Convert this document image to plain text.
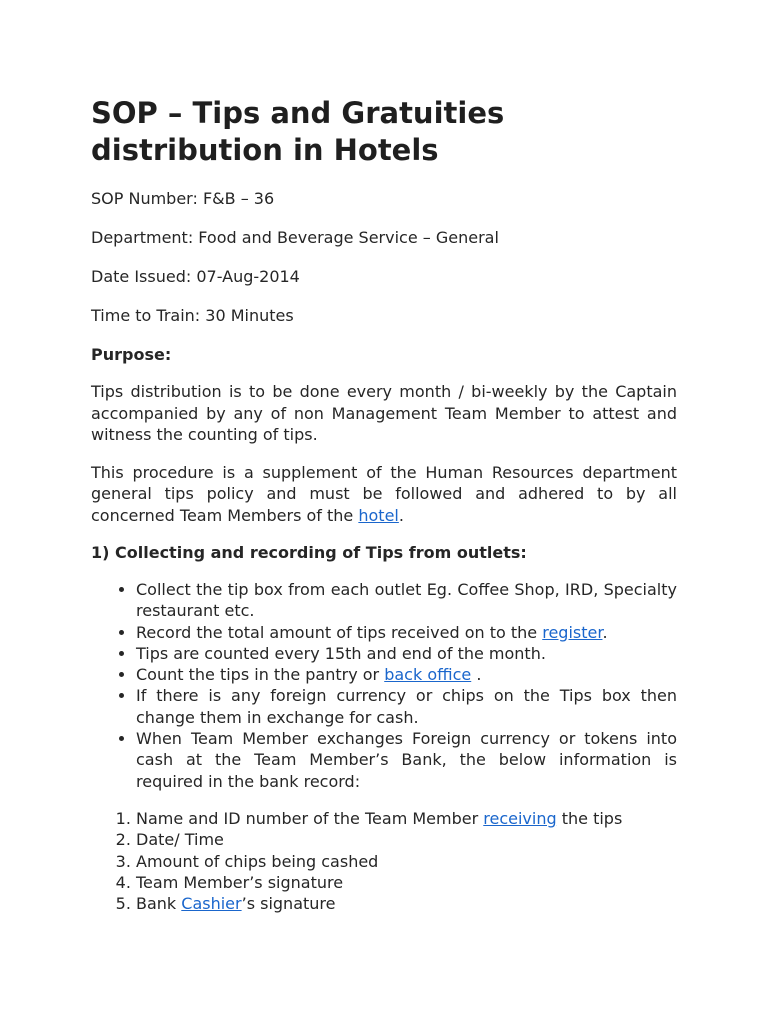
SOP – Tips and Gratuities distribution in Hotels

SOP Number: F&B – 36

Department: Food and Beverage Service – General

Date Issued: 07-Aug-2014

Time to Train: 30 Minutes

Purpose:

Tips distribution is to be done every month / bi-weekly by the Captain accompanied by any of non Management Team Member to attest and witness the counting of tips.

This procedure is a supplement of the Human Resources department general tips policy and must be followed and adhered to by all concerned Team Members of the hotel.

1) Collecting and recording of Tips from outlets:

• Collect the tip box from each outlet Eg. Coffee Shop, IRD, Specialty restaurant etc.
• Record the total amount of tips received on to the register.
• Tips are counted every 15th and end of the month.
• Count the tips in the pantry or back office .
• If there is any foreign currency or chips on the Tips box then change them in exchange for cash.
• When Team Member exchanges Foreign currency or tokens into cash at the Team Member’s Bank, the below information is required in the bank record:
1. Name and ID number of the Team Member receiving the tips
2. Date/ Time
3. Amount of chips being cashed
4. Team Member’s signature
5. Bank Cashier’s signature
